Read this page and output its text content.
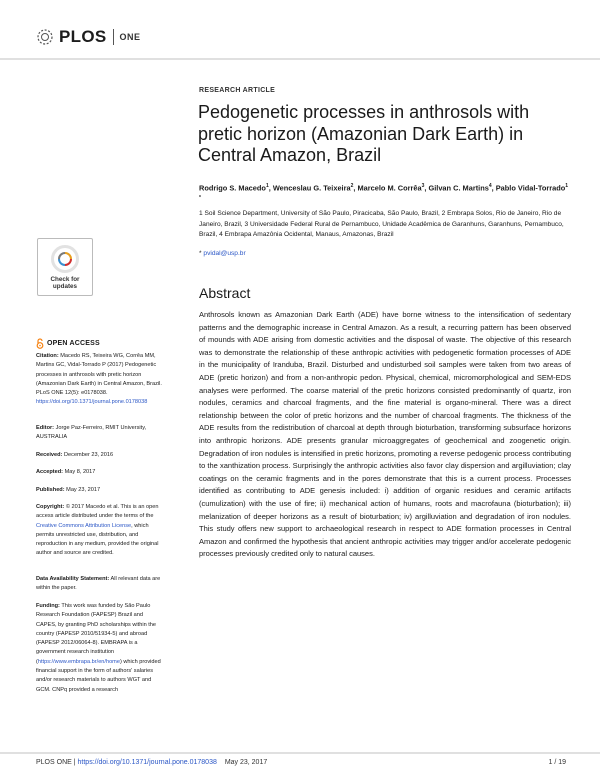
PLOS ONE
RESEARCH ARTICLE
Pedogenetic processes in anthrosols with pretic horizon (Amazonian Dark Earth) in Central Amazon, Brazil
Rodrigo S. Macedo$^1$, Wenceslau G. Teixeira$^2$, Marcelo M. Corrêa$^3$, Gilvan C. Martins$^4$, Pablo Vidal-Torrado$^{1 *}$
1 Soil Science Department, University of São Paulo, Piracicaba, São Paulo, Brazil, 2 Embrapa Solos, Rio de Janeiro, Rio de Janeiro, Brazil, 3 Universidade Federal Rural de Pernambuco, Unidade Acadêmica de Garanhuns, Garanhuns, Pernambuco, Brazil, 4 Embrapa Amazônia Ocidental, Manaus, Amazonas, Brazil
* pvidal@usp.br
Abstract
Anthrosols known as Amazonian Dark Earth (ADE) have borne witness to the intensification of sedentary patterns and the demographic increase in Central Amazon. As a result, a recurring pattern has been observed of mounds with ADE arising from domestic activities and the disposal of waste. The objective of this research was to demonstrate the relationship of these anthropic activities with pedogenetic formation processes of ADE in the municipality of Iranduba, Brazil. Disturbed and undisturbed soil samples were taken from two areas of ADE (pretic horizon) and from a non-anthropic pedon. Physical, chemical, micromorphological and SEM-EDS analyses were performed. The coarse material of the pretic horizons consisted predominantly of quartz, iron nodules, ceramics and charcoal fragments, and the fine material is organo-mineral. There was a direct relationship between the color of pretic horizons and the number of charcoal fragments. The thickness of the ADE results from the redistribution of charcoal at depth through bioturbation, transforming subsurface horizons into anthropic horizons. ADE presents granular microaggregates of geochemical and zoogenetic origin. Degradation of iron nodules is intensified in pretic horizons, promoting a reverse pedogenic process contributing to the xanthization process. Surprisingly the anthropic activities also favor clay dispersion and argilluviation; clay coatings on the ceramic fragments and in the pores demonstrate that this is a current process. Processes identified as contributing to ADE genesis included: i) addition of organic residues and ceramic artifacts (cumulization) with the use of fire; ii) mechanical action of humans, roots and macrofauna (bioturbation); iii) melanization of deeper horizons as a result of bioturbation; iv) argilluviation and degradation of iron nodules. This study offers new support to archaeological research in respect to ADE formation processes in Central Amazon and confirmed the hypothesis that ancient anthropic activities may trigger and/or accelerate pedogenic processes previously credited only to natural causes.
Check for updates
OPEN ACCESS
Citation: Macedo RS, Teixeira WG, Corrêa MM, Martins GC, Vidal-Torrado P (2017) Pedogenetic processes in anthrosols with pretic horizon (Amazonian Dark Earth) in Central Amazon, Brazil. PLoS ONE 12(5): e0178038. https://doi.org/10.1371/journal.pone.0178038
Editor: Jorge Paz-Ferreiro, RMIT University, AUSTRALIA
Received: December 23, 2016
Accepted: May 8, 2017
Published: May 23, 2017
Copyright: © 2017 Macedo et al. This is an open access article distributed under the terms of the Creative Commons Attribution License, which permits unrestricted use, distribution, and reproduction in any medium, provided the original author and source are credited.
Data Availability Statement: All relevant data are within the paper.
Funding: This work was funded by São Paulo Research Foundation (FAPESP) Brazil and CAPES, by granting PhD scholarships within the country (FAPESP 2010/51934-5) and abroad (FAPESP 2012/06064-8). EMBRAPA is a government research institution (https://www.embrapa.br/en/home) which provided financial support in the form of authors' salaries and/or research materials to authors WGT and GCM. CNPq provided a research
PLOS ONE | https://doi.org/10.1371/journal.pone.0178038 May 23, 2017	1 / 19
